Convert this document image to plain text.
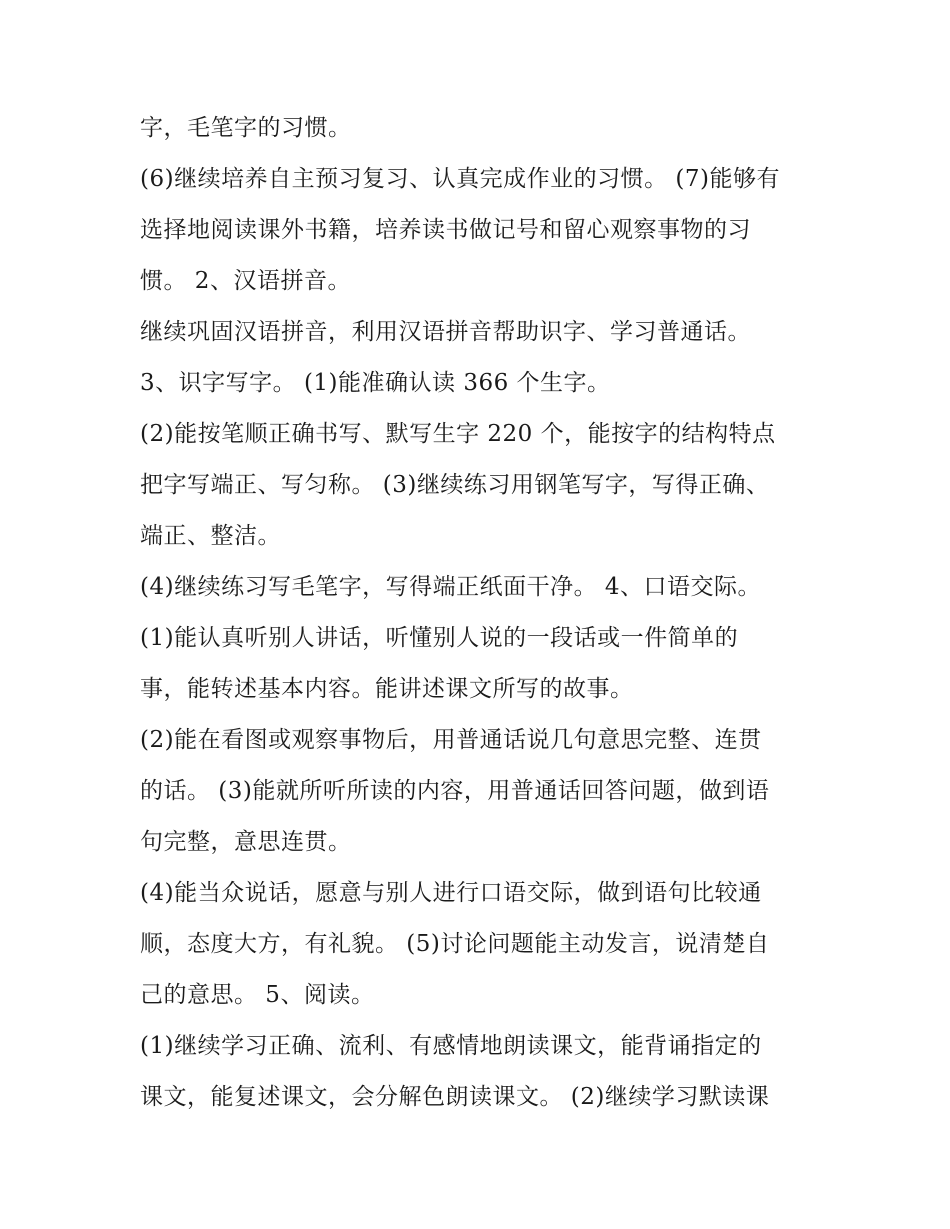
字，毛笔字的习惯。
(6)继续培养自主预习复习、认真完成作业的习惯。 (7)能够有
选择地阅读课外书籍，培养读书做记号和留心观察事物的习
惯。 2、汉语拼音。
继续巩固汉语拼音，利用汉语拼音帮助识字、学习普通话。
3、识字写字。 (1)能准确认读 366 个生字。
(2)能按笔顺正确书写、默写生字 220 个，能按字的结构特点
把字写端正、写匀称。 (3)继续练习用钢笔写字，写得正确、
端正、整洁。
(4)继续练习写毛笔字，写得端正纸面干净。 4、口语交际。
(1)能认真听别人讲话，听懂别人说的一段话或一件简单的
事，能转述基本内容。能讲述课文所写的故事。
(2)能在看图或观察事物后，用普通话说几句意思完整、连贯
的话。 (3)能就所听所读的内容，用普通话回答问题，做到语
句完整，意思连贯。
(4)能当众说话，愿意与别人进行口语交际，做到语句比较通
顺，态度大方，有礼貌。 (5)讨论问题能主动发言，说清楚自
己的意思。 5、阅读。
(1)继续学习正确、流利、有感情地朗读课文，能背诵指定的
课文，能复述课文，会分解色朗读课文。 (2)继续学习默读课
